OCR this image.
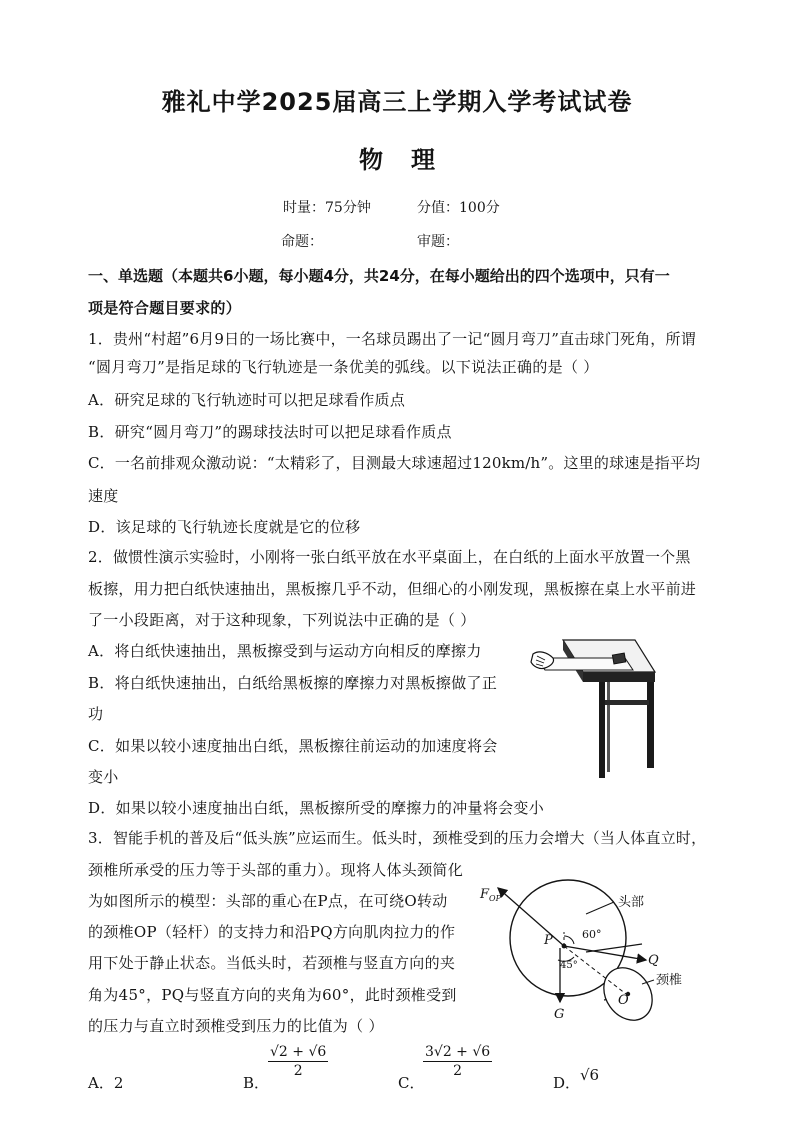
雅礼中学2025届高三上学期入学考试试卷
物 理
时量：75分钟	分值：100分
命题：	审题：
一、单选题（本题共6小题，每小题4分，共24分，在每小题给出的四个选项中，只有一
项是符合题目要求的）
1．贵州“村超”6月9日的一场比赛中，一名球员踢出了一记“圆月弯刀”直击球门死角，所谓
“圆月弯刀”是指足球的飞行轨迹是一条优美的弧线。以下说法正确的是（ ）
A．研究足球的飞行轨迹时可以把足球看作质点
B．研究“圆月弯刀”的踢球技法时可以把足球看作质点
C．一名前排观众激动说：“太精彩了，目测最大球速超过120km/h”。这里的球速是指平均
速度
D．该足球的飞行轨迹长度就是它的位移
2．做惯性演示实验时，小刚将一张白纸平放在水平桌面上，在白纸的上面水平放置一个黑
板擦，用力把白纸快速抽出，黑板擦几乎不动，但细心的小刚发现，黑板擦在桌上水平前进
了一小段距离，对于这种现象，下列说法中正确的是（ ）
A．将白纸快速抽出，黑板擦受到与运动方向相反的摩擦力
B．将白纸快速抽出，白纸给黑板擦的摩擦力对黑板擦做了正
功
C．如果以较小速度抽出白纸，黑板擦往前运动的加速度将会
变小
D．如果以较小速度抽出白纸，黑板擦所受的摩擦力的冲量将会变小
3．智能手机的普及后“低头族”应运而生。低头时，颈椎受到的压力会增大（当人体直立时，
颈椎所承受的压力等于头部的重力）。现将人体头颈简化
为如图所示的模型：头部的重心在P点，在可绕O转动
的颈椎OP（轻杆）的支持力和沿PQ方向肌肉拉力的作
用下处于静止状态。当低头时，若颈椎与竖直方向的夹
角为45°，PQ与竖直方向的夹角为60°，此时颈椎受到
的压力与直立时颈椎受到压力的比值为（ ）
$F_{OP}$	头部
P	60°
45°	Q
颈椎
O
G
A．2	B．
$\frac{√2 + √6}{2}$
C．
$\frac{3√2 + √6}{2}$
D． √6
